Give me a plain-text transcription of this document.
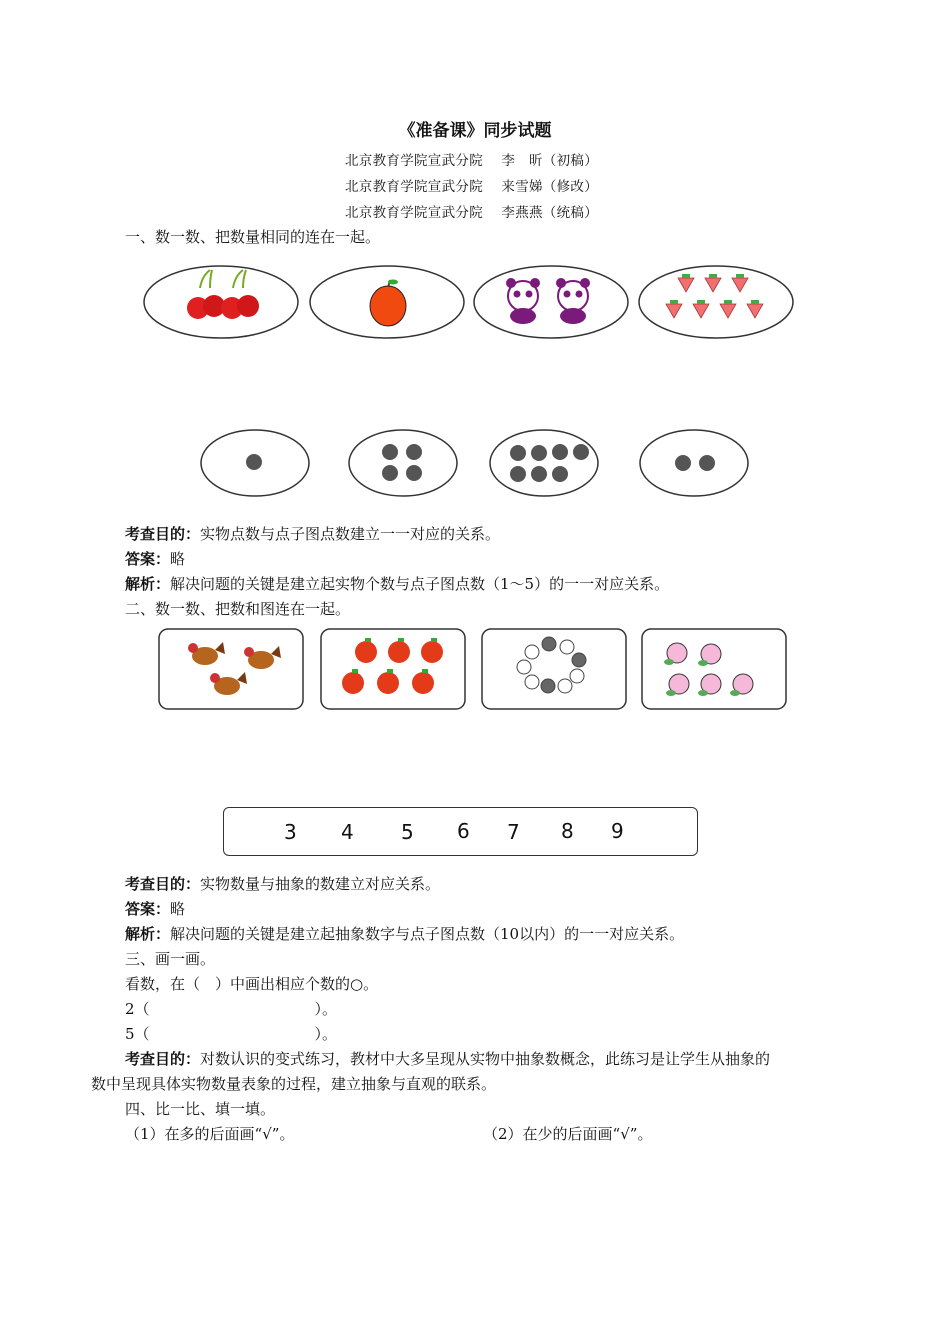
《准备课》同步试题
北京教育学院宣武分院　 李　昕（初稿）
北京教育学院宣武分院　 来雪娣（修改）
北京教育学院宣武分院　 李燕燕（统稿）
一、数一数、把数量相同的连在一起。
考查目的：实物点数与点子图点数建立一一对应的关系。
答案：略
解析：解决问题的关键是建立起实物个数与点子图点数（1～5）的一一对应关系。
二、数一数、把数和图连在一起。
3 4 5 6 7 8 9
考查目的：实物数量与抽象的数建立对应关系。
答案：略
解析：解决问题的关键是建立起抽象数字与点子图点数（10以内）的一一对应关系。
三、画一画。
看数，在（　）中画出相应个数的○。
2（　　　　　　　　　　　）。
5（　　　　　　　　　　　）。
考查目的：对数认识的变式练习，教材中大多呈现从实物中抽象数概念，此练习是让学生从抽象的
数中呈现具体实物数量表象的过程，建立抽象与直观的联系。
四、比一比、填一填。
（1）在多的后面画“√”。	（2）在少的后面画“√”。
